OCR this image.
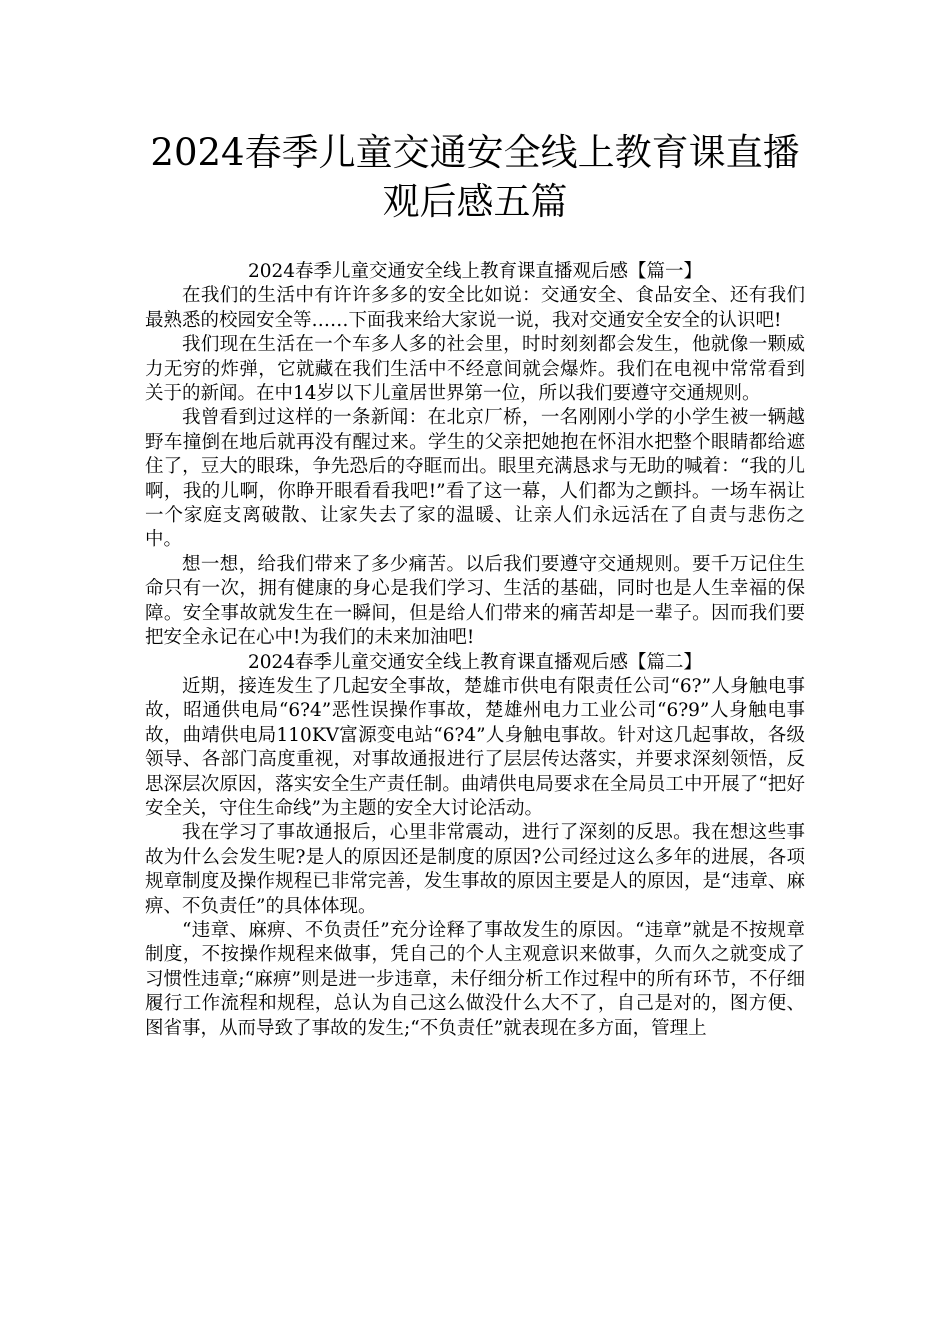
2024春季儿童交通安全线上教育课直播观后感五篇

2024春季儿童交通安全线上教育课直播观后感【篇一】

在我们的生活中有许许多多的安全比如说：交通安全、食品安全、还有我们最熟悉的校园安全等……下面我来给大家说一说，我对交通安全安全的认识吧!

我们现在生活在一个车多人多的社会里，时时刻刻都会发生，他就像一颗威力无穷的炸弹，它就藏在我们生活中不经意间就会爆炸。我们在电视中常常看到关于的新闻。在中14岁以下儿童居世界第一位，所以我们要遵守交通规则。

我曾看到过这样的一条新闻：在北京厂桥，一名刚刚小学的小学生被一辆越野车撞倒在地后就再没有醒过来。学生的父亲把她抱在怀泪水把整个眼睛都给遮住了，豆大的眼珠，争先恐后的夺眶而出。眼里充满恳求与无助的喊着：“我的儿啊，我的儿啊，你睁开眼看看我吧!”看了这一幕，人们都为之颤抖。一场车祸让一个家庭支离破散、让家失去了家的温暖、让亲人们永远活在了自责与悲伤之中。

想一想，给我们带来了多少痛苦。以后我们要遵守交通规则。要千万记住生命只有一次，拥有健康的身心是我们学习、生活的基础，同时也是人生幸福的保障。安全事故就发生在一瞬间，但是给人们带来的痛苦却是一辈子。因而我们要把安全永记在心中!为我们的未来加油吧!

2024春季儿童交通安全线上教育课直播观后感【篇二】

近期，接连发生了几起安全事故，楚雄市供电有限责任公司“6?”人身触电事故，昭通供电局“6?4”恶性误操作事故，楚雄州电力工业公司“6?9”人身触电事故，曲靖供电局110KV富源变电站“6?4”人身触电事故。针对这几起事故，各级领导、各部门高度重视，对事故通报进行了层层传达落实，并要求深刻领悟，反思深层次原因，落实安全生产责任制。曲靖供电局要求在全局员工中开展了“把好安全关，守住生命线”为主题的安全大讨论活动。

我在学习了事故通报后，心里非常震动，进行了深刻的反思。我在想这些事故为什么会发生呢?是人的原因还是制度的原因?公司经过这么多年的进展，各项规章制度及操作规程已非常完善，发生事故的原因主要是人的原因，是“违章、麻痹、不负责任”的具体体现。

“违章、麻痹、不负责任”充分诠释了事故发生的原因。“违章”就是不按规章制度，不按操作规程来做事，凭自己的个人主观意识来做事，久而久之就变成了习惯性违章;“麻痹”则是进一步违章，未仔细分析工作过程中的所有环节，不仔细履行工作流程和规程，总认为自己这么做没什么大不了，自己是对的，图方便、图省事，从而导致了事故的发生;“不负责任”就表现在多方面，管理上
